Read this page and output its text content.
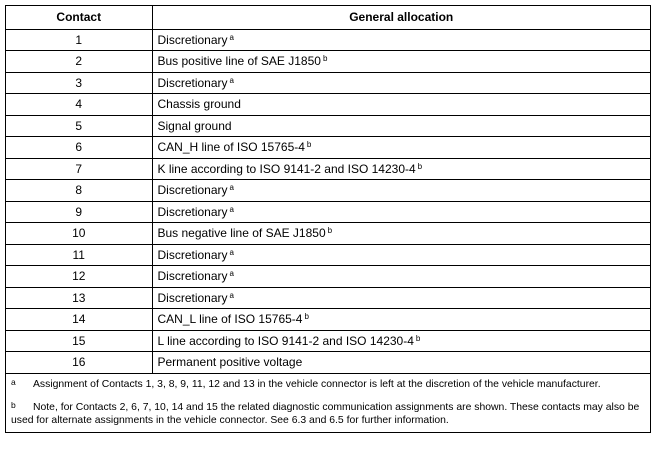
Contact	General allocation
1	Discretionary $^a$
2	Bus positive line of SAE J1850 $^b$
3	Discretionary $^a$
4	Chassis ground
5	Signal ground
6	CAN_H line of ISO 15765-4 $^b$
7	K line according to ISO 9141-2 and ISO 14230-4 $^b$
8	Discretionary $^a$
9	Discretionary $^a$
10	Bus negative line of SAE J1850 $^b$
11	Discretionary $^a$
12	Discretionary $^a$
13	Discretionary $^a$
14	CAN_L line of ISO 15765-4 $^b$
15	L line according to ISO 9141-2 and ISO 14230-4 $^b$
16	Permanent positive voltage
a Assignment of Contacts 1, 3, 8, 9, 11, 12 and 13 in the vehicle connector is left at the discretion of the vehicle manufacturer.
b Note, for Contacts 2, 6, 7, 10, 14 and 15 the related diagnostic communication assignments are shown. These contacts may also be used for alternate assignments in the vehicle connector. See 6.3 and 6.5 for further information.
